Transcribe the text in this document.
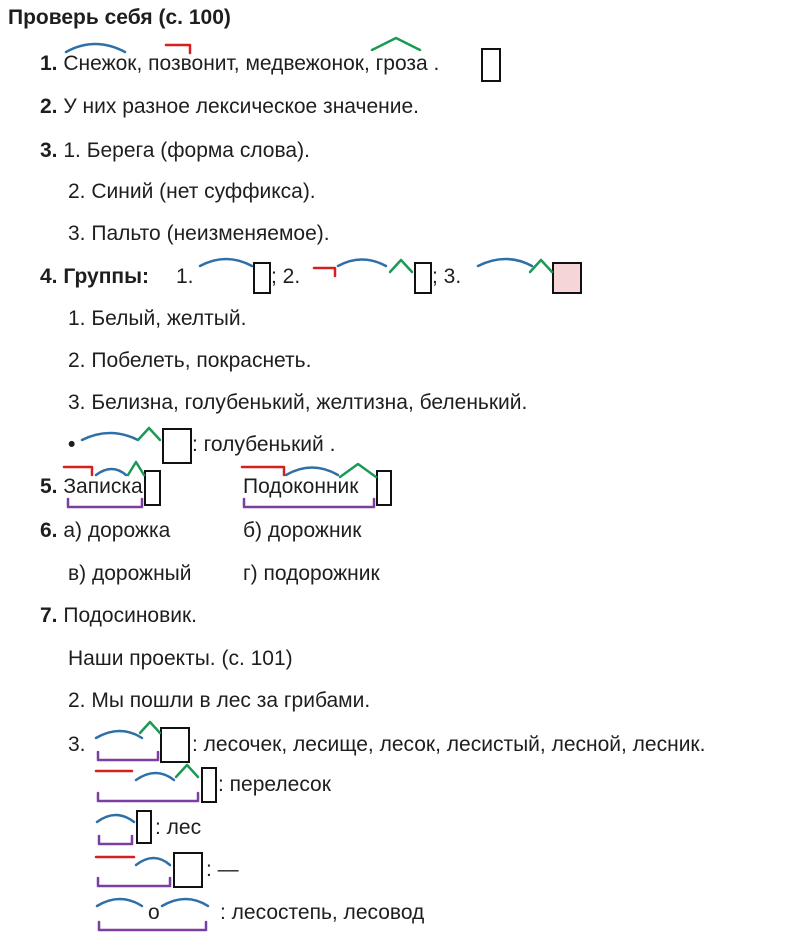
Проверь себя (с. 100)
1. Снежок, позвонит, медвежонок, гроза .
2. У них разное лексическое значение.
3. 1. Берега (форма слова).
2. Синий (нет суффикса).
3. Пальто (неизменяемое).
4. Группы: 1.	; 2.	; 3.
1. Белый, желтый.
2. Побелеть, покраснеть.
3. Белизна, голубенький, желтизна, беленький.
•	: голубенький .
5. Записка	Подоконник
6. а) дорожка	б) дорожник
в) дорожный г) подорожник
7. Подосиновик.
Наши проекты. (с. 101)
2. Мы пошли в лес за грибами.
3.	: лесочек, лесище, лесок, лесистый, лесной, лесник.
: перелесок
: лес
: —
о	: лесостепь, лесовод
